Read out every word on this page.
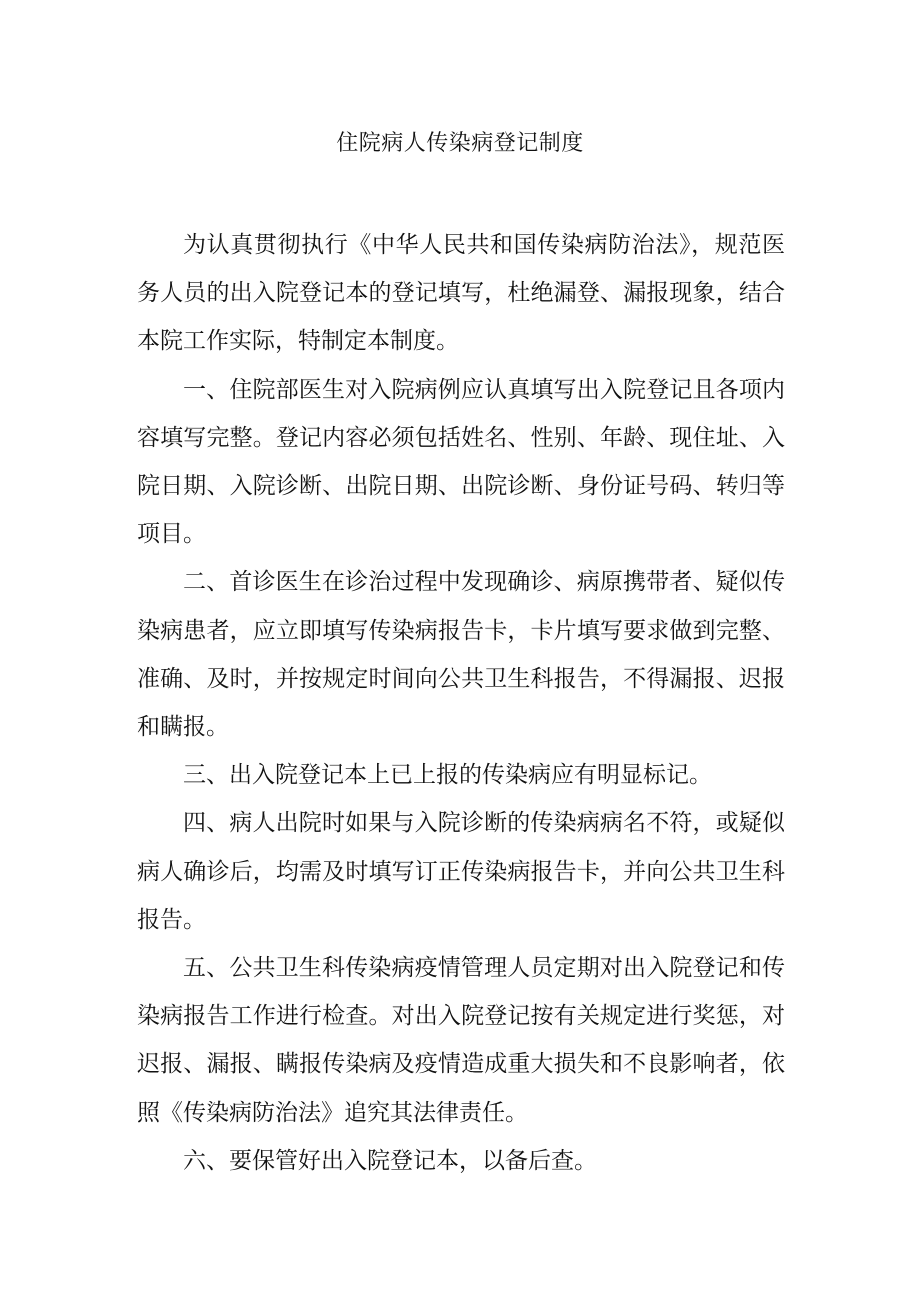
住院病人传染病登记制度

为认真贯彻执行《中华人民共和国传染病防治法》，规范医务人员的出入院登记本的登记填写，杜绝漏登、漏报现象，结合本院工作实际，特制定本制度。

一、住院部医生对入院病例应认真填写出入院登记且各项内容填写完整。登记内容必须包括姓名、性别、年龄、现住址、入院日期、入院诊断、出院日期、出院诊断、身份证号码、转归等项目。

二、首诊医生在诊治过程中发现确诊、病原携带者、疑似传染病患者，应立即填写传染病报告卡，卡片填写要求做到完整、准确、及时，并按规定时间向公共卫生科报告，不得漏报、迟报和瞒报。

三、出入院登记本上已上报的传染病应有明显标记。

四、病人出院时如果与入院诊断的传染病病名不符，或疑似病人确诊后，均需及时填写订正传染病报告卡，并向公共卫生科报告。

五、公共卫生科传染病疫情管理人员定期对出入院登记和传染病报告工作进行检查。对出入院登记按有关规定进行奖惩，对迟报、漏报、瞒报传染病及疫情造成重大损失和不良影响者，依照《传染病防治法》追究其法律责任。

六、要保管好出入院登记本，以备后查。
